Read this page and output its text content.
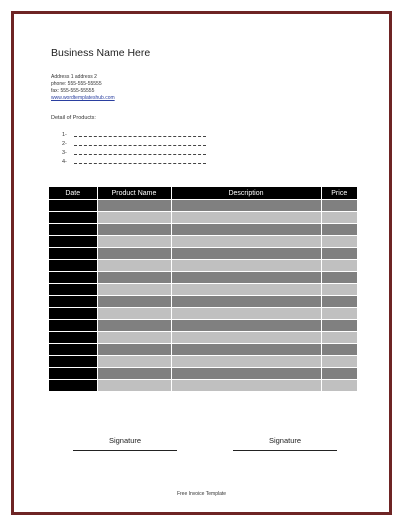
Business Name Here
Address 1 address 2
phone: 555-555-55555
fax: 555-555-55555
www.wordtemplateshub.com
Detail of Products:
1-
2-
3-
4-
Date	Product Name	Description	Price

Signature	Signature
Free Invoice Template
